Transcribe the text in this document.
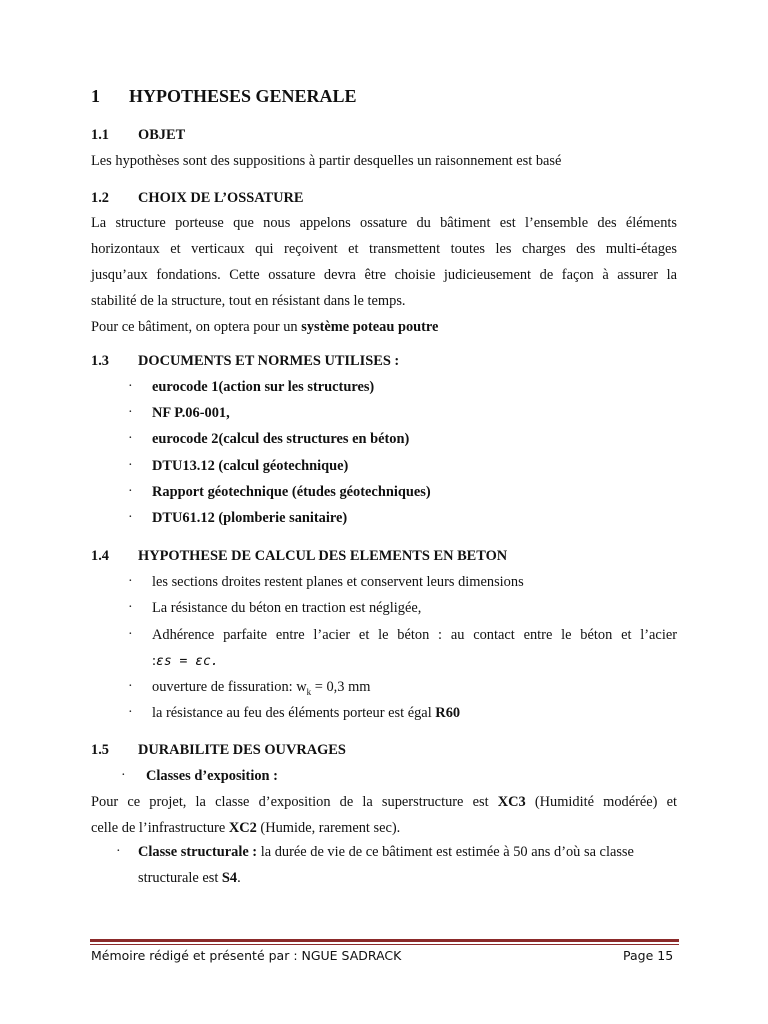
1 HYPOTHESES GENERALE
1.1 OBJET
Les hypothèses sont des suppositions à partir desquelles un raisonnement est basé
1.2 CHOIX DE L’OSSATURE
La structure porteuse que nous appelons ossature du bâtiment est l’ensemble des éléments
horizontaux et verticaux qui reçoivent et transmettent toutes les charges des multi-étages
jusqu’aux fondations. Cette ossature devra être choisie judicieusement de façon à assurer la
stabilité de la structure, tout en résistant dans le temps.
Pour ce bâtiment, on optera pour un système poteau poutre
1.3 DOCUMENTS ET NORMES UTILISES :
· eurocode 1(action sur les structures)
· NF P.06-001,
· eurocode 2(calcul des structures en béton)
· DTU13.12 (calcul géotechnique)
· Rapport géotechnique (études géotechniques)
· DTU61.12 (plomberie sanitaire)
1.4 HYPOTHESE DE CALCUL DES ELEMENTS EN BETON
· les sections droites restent planes et conservent leurs dimensions
· La résistance du béton en traction est négligée,
· Adhérence parfaite entre l’acier et le béton : au contact entre le béton et l’acier
:εs = εc.
· ouverture de fissuration: $w_k = 0,3$ mm
· la résistance au feu des éléments porteur est égal R60
1.5 DURABILITE DES OUVRAGES
· Classes d’exposition :
Pour ce projet, la classe d’exposition de la superstructure est XC3 (Humidité modérée) et
celle de l’infrastructure XC2 (Humide, rarement sec).
· Classe structurale : la durée de vie de ce bâtiment est estimée à 50 ans d’où sa classe
structurale est S4.
Mémoire rédigé et présenté par : NGUE SADRACK	Page 15
